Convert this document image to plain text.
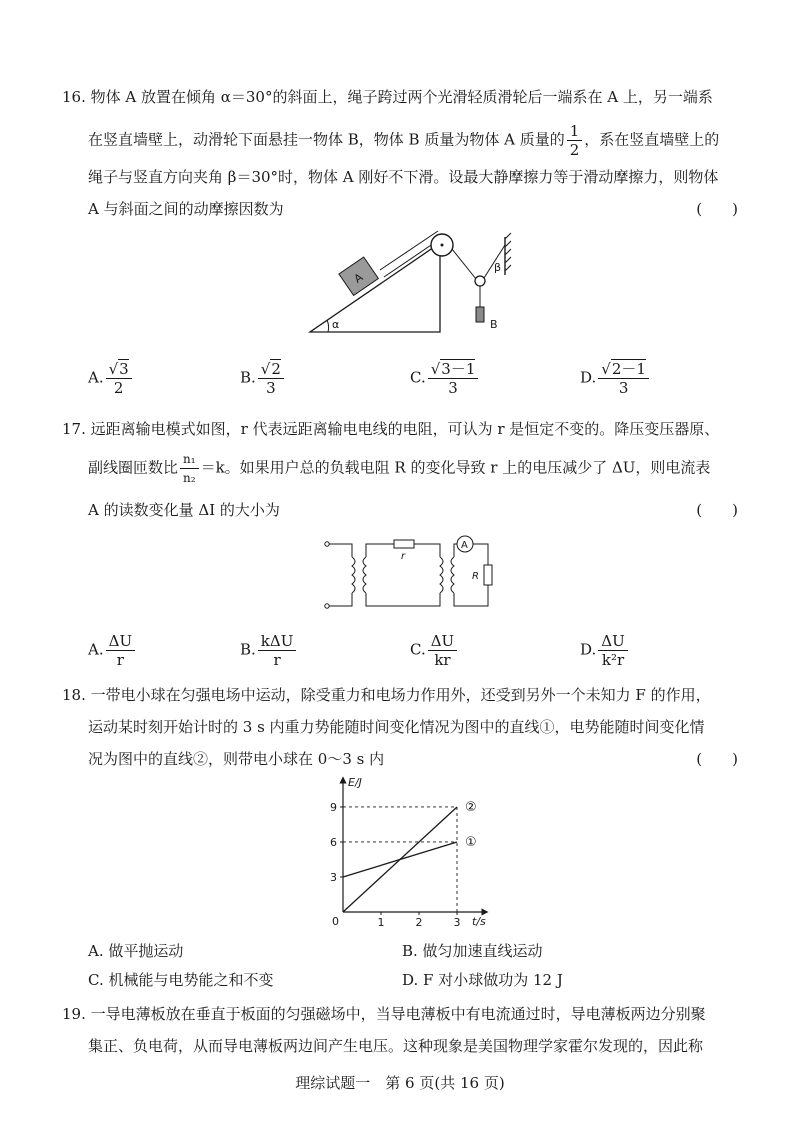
16. 物体 A 放置在倾角 α＝30°的斜面上，绳子跨过两个光滑轻质滑轮后一端系在 A 上，另一端系
在竖直墙壁上，动滑轮下面悬挂一物体 B，物体 B 质量为物体 A 质量的 $\frac{1}{2}$ ，系在竖直墙壁上的
绳子与竖直方向夹角 β＝30°时，物体 A 刚好不下滑。设最大静摩擦力等于滑动摩擦力，则物体
A 与斜面之间的动摩擦因数为	(　　)
α
A
β
B
A. $\frac{√3}{2}$	B. $\frac{√2}{3}$	C. $\frac{√3-1}{3}$	D. $\frac{√2-1}{3}$
17. 远距离输电模式如图，r 代表远距离输电电线的电阻，可认为 r 是恒定不变的。降压变压器原、
副线圈匝数比 $\frac{\text{n₁}}{\text{n₂}} =k$。如果用户总的负载电阻 R 的变化导致 r 上的电压减少了 ΔU，则电流表
A 的读数变化量 ΔI 的大小为	(　　)
r
A
R
A. $\frac{\Delta U}{r}$	B. $\frac{\text{kΔU}}{r}$	C. $\frac{\Delta U}{kr}$	D. $\frac{\Delta U}{\text{k²r}}$
18. 一带电小球在匀强电场中运动，除受重力和电场力作用外，还受到另外一个未知力 F 的作用，
运动某时刻开始计时的 3 s 内重力势能随时间变化情况为图中的直线①，电势能随时间变化情
况为图中的直线②，则带电小球在 0～3 s 内	(　　)
E/J
t/s
0
3
6
9
1	2	3
①
②
A. 做平抛运动	B. 做匀加速直线运动
C. 机械能与电势能之和不变	D. F 对小球做功为 12 J
19. 一导电薄板放在垂直于板面的匀强磁场中，当导电薄板中有电流通过时，导电薄板两边分别聚
集正、负电荷，从而导电薄板两边间产生电压。这种现象是美国物理学家霍尔发现的，因此称
理综试题一　第 6 页(共 16 页)
